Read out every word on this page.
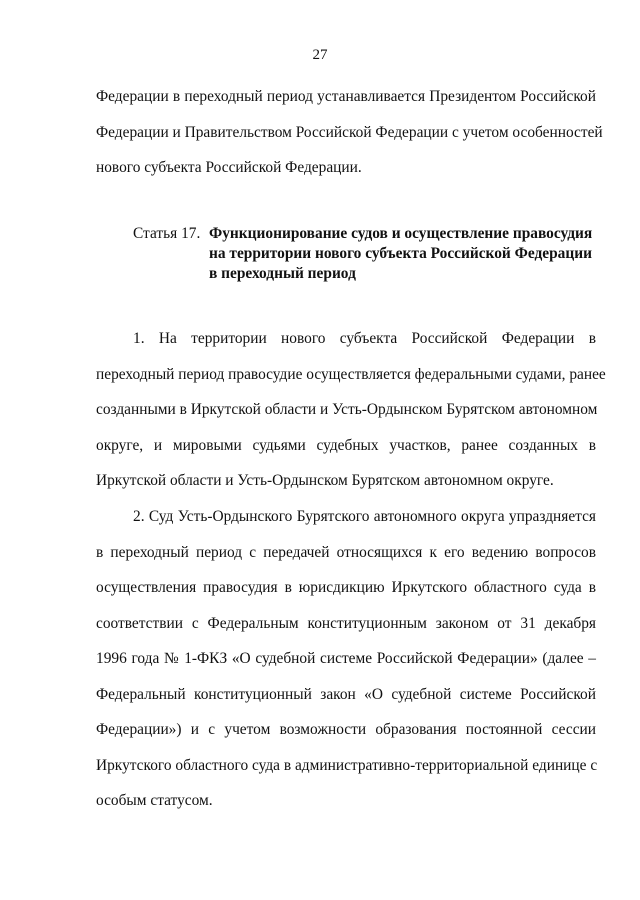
27
Федерации в переходный период устанавливается Президентом Российской
Федерации и Правительством Российской Федерации с учетом особенностей
нового субъекта Российской Федерации.
Статья 17. Функционирование судов и осуществление правосудия
на территории нового субъекта Российской Федерации
в переходный период
1. На территории нового субъекта Российской Федерации в
переходный период правосудие осуществляется федеральными судами, ранее
созданными в Иркутской области и Усть-Ордынском Бурятском автономном
округе, и мировыми судьями судебных участков, ранее созданных в
Иркутской области и Усть-Ордынском Бурятском автономном округе.
2. Суд Усть-Ордынского Бурятского автономного округа упраздняется
в переходный период с передачей относящихся к его ведению вопросов
осуществления правосудия в юрисдикцию Иркутского областного суда в
соответствии с Федеральным конституционным законом от 31 декабря
1996 года № 1-ФКЗ «О судебной системе Российской Федерации» (далее –
Федеральный конституционный закон «О судебной системе Российской
Федерации») и с учетом возможности образования постоянной сессии
Иркутского областного суда в административно-территориальной единице с
особым статусом.
